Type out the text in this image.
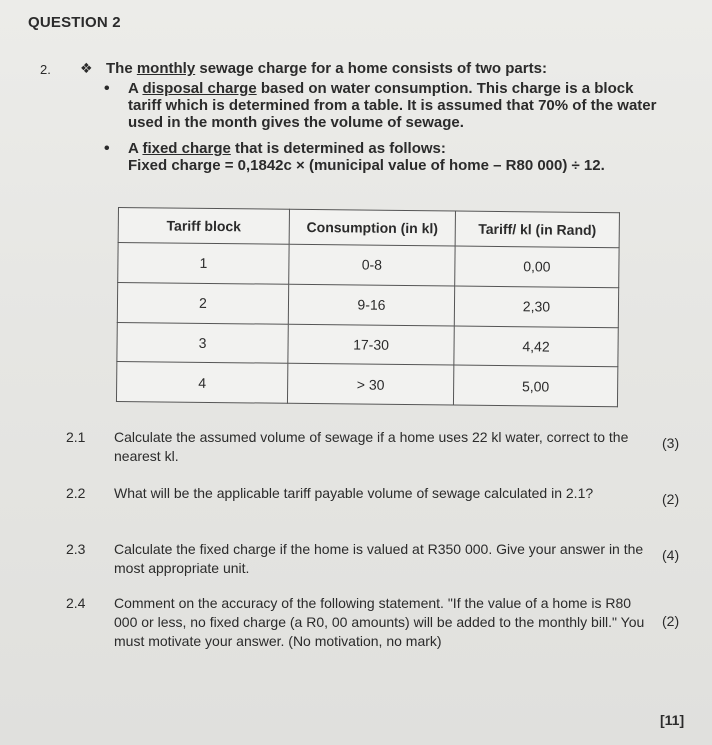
QUESTION 2
2. ❖ The monthly sewage charge for a home consists of two parts:
• A disposal charge based on water consumption. This charge is a block tariff which is determined from a table. It is assumed that 70% of the water used in the month gives the volume of sewage.
• A fixed charge that is determined as follows:
Fixed charge = 0,1842c × (municipal value of home – R80 000) ÷ 12.
Tariff block	Consumption (in kl)	Tariff/ kl (in Rand)
1	0-8	0,00
2	9-16	2,30
3	17-30	4,42
4	> 30	5,00
2.1 Calculate the assumed volume of sewage if a home uses 22 kl water, correct to the nearest kl.
(3)
2.2 What will be the applicable tariff payable volume of sewage calculated in 2.1?	(2)
2.3 Calculate the fixed charge if the home is valued at R350 000. Give your answer in the most appropriate unit.
(4)
2.4 Comment on the accuracy of the following statement. "If the value of a home is R80 000 or less, no fixed charge (a R0, 00 amounts) will be added to the monthly bill." You must motivate your answer. (No motivation, no mark)
(2)
[11]
